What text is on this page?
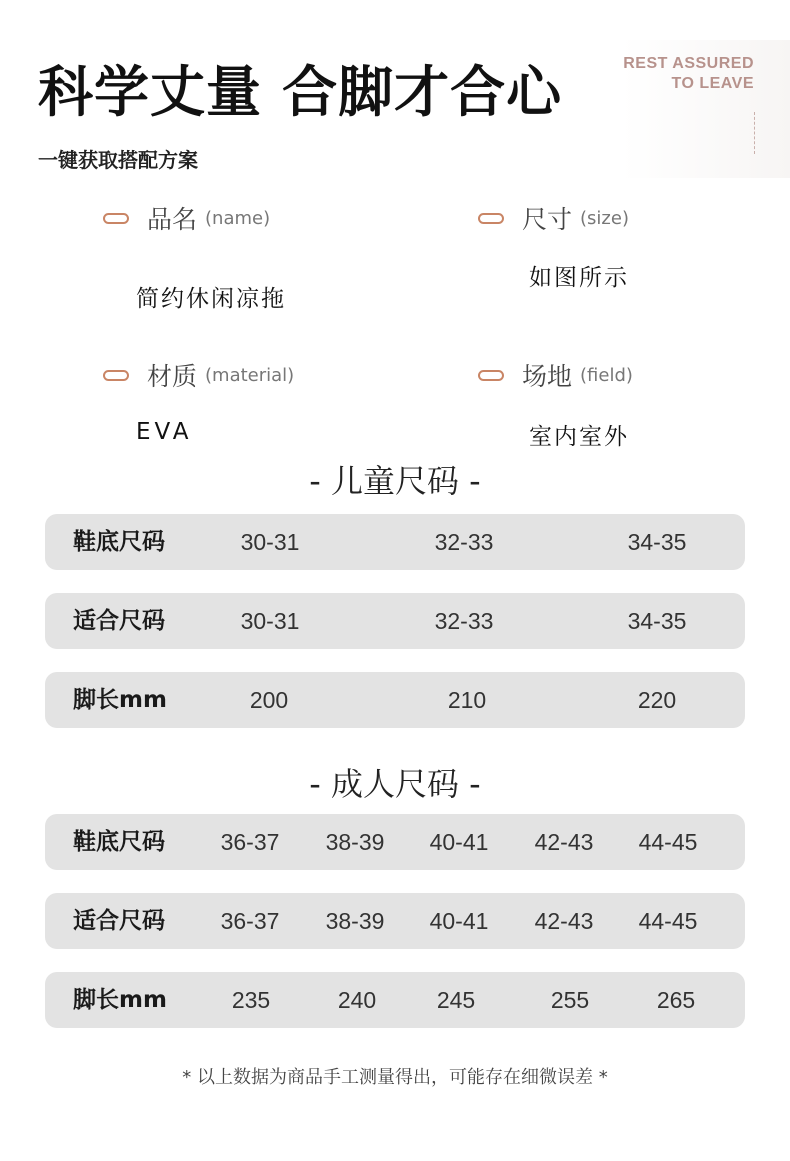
科学丈量 合脚才合心
一键获取搭配方案
REST ASSURED
TO LEAVE
品名 (name)
简约休闲凉拖
尺寸 (size)
如图所示
材质 (material)
EVA
场地 (field)
室内室外
- 儿童尺码 -
鞋底尺码	30-31	32-33	34-35
适合尺码	30-31	32-33	34-35
脚长mm	200	210	220
- 成人尺码 -
鞋底尺码 36-37 38-39 40-41 42-43 44-45
适合尺码 36-37 38-39 40-41 42-43 44-45
脚长mm	235	240	245	255	265
* 以上数据为商品手工测量得出，可能存在细微误差 *
